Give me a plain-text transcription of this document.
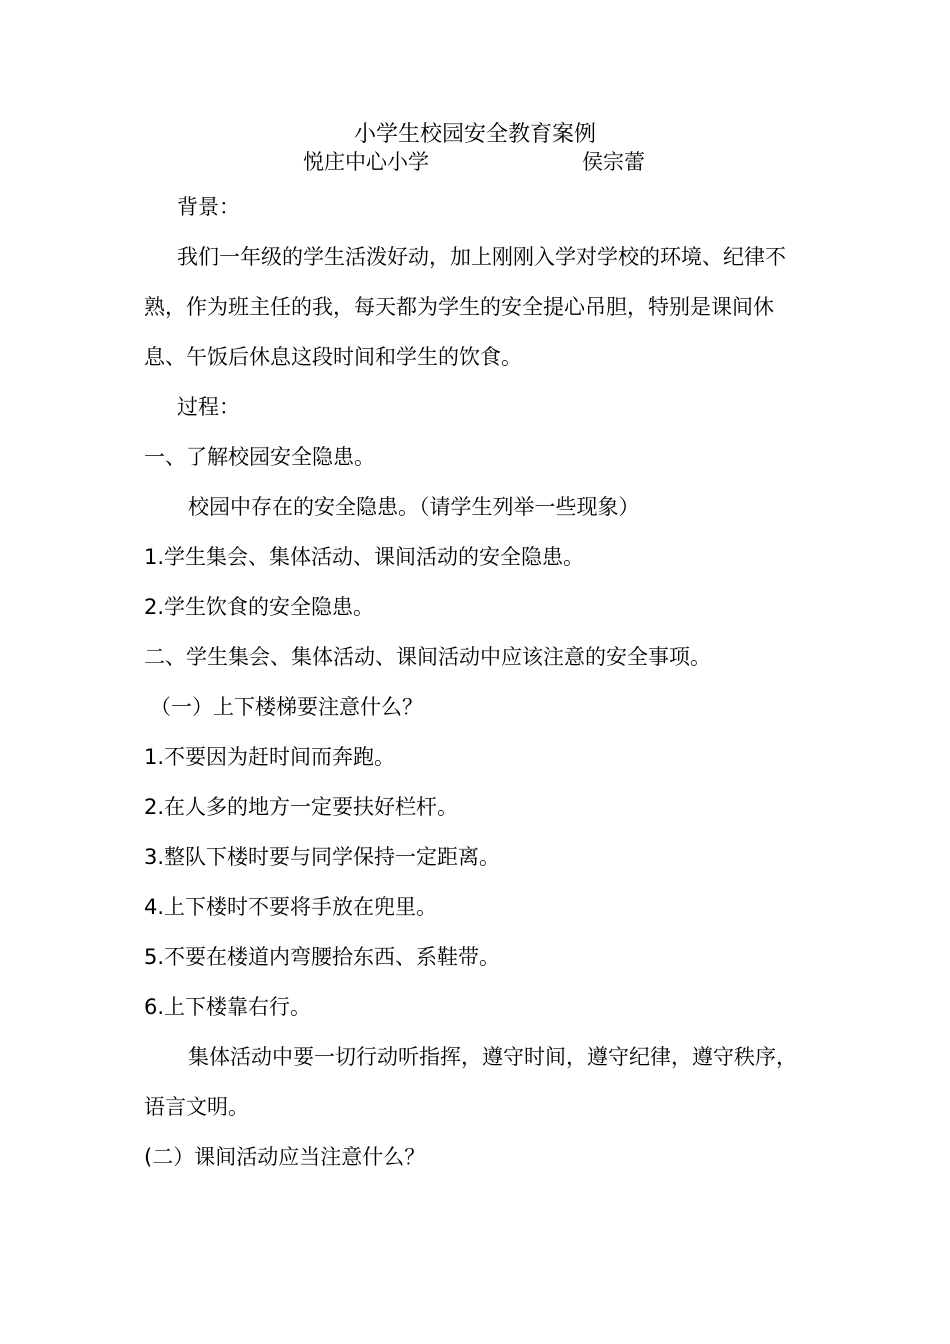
小学生校园安全教育案例
悦庄中心小学	侯宗蕾

背景：

我们一年级的学生活泼好动，加上刚刚入学对学校的环境、纪律不熟，作为班主任的我，每天都为学生的安全提心吊胆，特别是课间休息、午饭后休息这段时间和学生的饮食。

过程：

一、了解校园安全隐患。

校园中存在的安全隐患。（请学生列举一些现象）

1.学生集会、集体活动、课间活动的安全隐患。

2.学生饮食的安全隐患。

二、学生集会、集体活动、课间活动中应该注意的安全事项。

（一）上下楼梯要注意什么？

1.不要因为赶时间而奔跑。

2.在人多的地方一定要扶好栏杆。

3.整队下楼时要与同学保持一定距离。

4.上下楼时不要将手放在兜里。

5.不要在楼道内弯腰拾东西、系鞋带。

6.上下楼靠右行。

集体活动中要一切行动听指挥，遵守时间，遵守纪律，遵守秩序，语言文明。

(二）课间活动应当注意什么？
